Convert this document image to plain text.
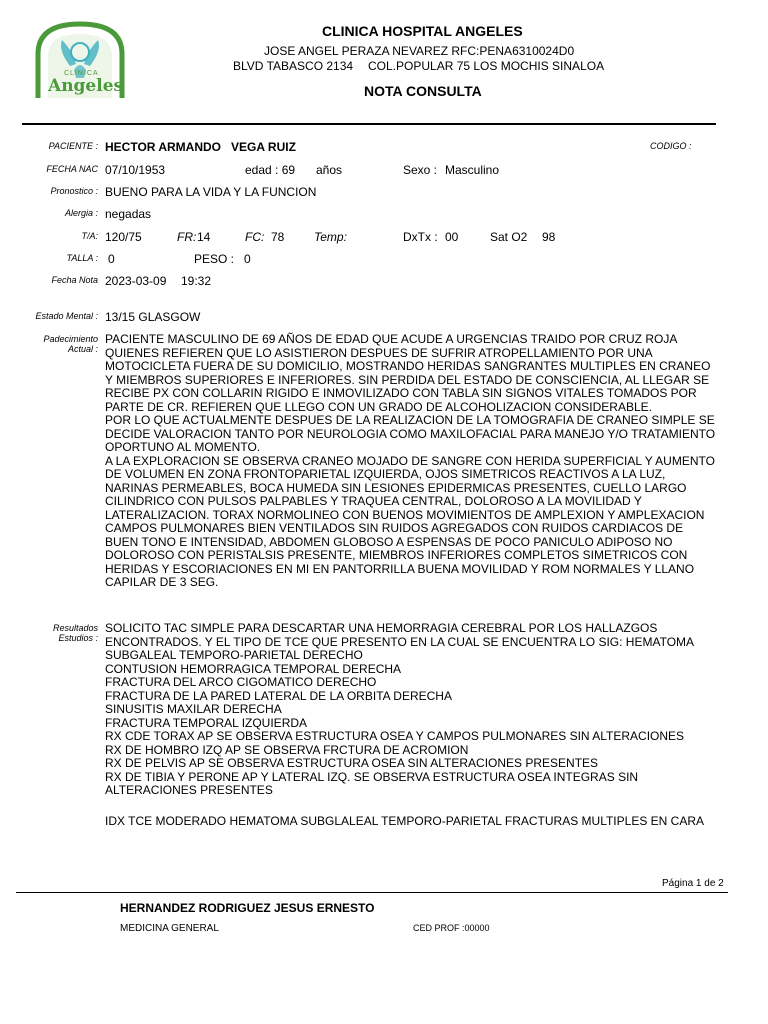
CLINICA
Angeles
CLINICA HOSPITAL ANGELES
JOSE ANGEL PERAZA NEVAREZ RFC:PENA6310024D0
BLVD TABASCO 2134 COL.POPULAR 75 LOS MOCHIS SINALOA
NOTA CONSULTA
PACIENTE : HECTOR ARMANDO   VEGA RUIZ	CODIGO :
FECHA NAC 07/10/1953	edad : 69 años	Sexo : Masculino
Pronostico : BUENO PARA LA VIDA Y LA FUNCION
Alergia : negadas
T/A: 120/75	FR: 14	FC: 78 Temp:	DxTx : 00	Sat O2 98
TALLA : 0	PESO : 0
Fecha Nota 2023-03-09 19:32
Estado Mental : 13/15 GLASGOW
Padecimiento
Actual :
PACIENTE MASCULINO DE 69 AÑOS DE EDAD QUE ACUDE A URGENCIAS TRAIDO POR CRUZ ROJA
QUIENES REFIEREN QUE LO ASISTIERON DESPUES DE SUFRIR ATROPELLAMIENTO POR UNA
MOTOCICLETA FUERA DE SU DOMICILIO, MOSTRANDO HERIDAS SANGRANTES MULTIPLES EN CRANEO
Y MIEMBROS SUPERIORES E INFERIORES. SIN PERDIDA DEL ESTADO DE CONSCIENCIA, AL LLEGAR SE
RECIBE PX CON COLLARIN RIGIDO E INMOVILIZADO CON TABLA SIN SIGNOS VITALES TOMADOS POR
PARTE DE CR. REFIEREN QUE LLEGO CON UN GRADO DE ALCOHOLIZACION CONSIDERABLE.
POR LO QUE ACTUALMENTE DESPUES DE LA REALIZACION DE LA TOMOGRAFIA DE CRANEO SIMPLE SE
DECIDE VALORACION TANTO POR NEUROLOGIA COMO MAXILOFACIAL PARA MANEJO Y/O TRATAMIENTO
OPORTUNO AL MOMENTO.
A LA EXPLORACION SE OBSERVA CRANEO MOJADO DE SANGRE CON HERIDA SUPERFICIAL Y AUMENTO
DE VOLUMEN EN ZONA FRONTOPARIETAL IZQUIERDA, OJOS SIMETRICOS REACTIVOS A LA LUZ,
NARINAS PERMEABLES, BOCA HUMEDA SIN LESIONES EPIDERMICAS PRESENTES, CUELLO LARGO
CILINDRICO CON PULSOS PALPABLES Y TRAQUEA CENTRAL, DOLOROSO A LA MOVILIDAD Y
LATERALIZACION. TORAX NORMOLINEO CON BUENOS MOVIMIENTOS DE AMPLEXION Y AMPLEXACION
CAMPOS PULMONARES BIEN VENTILADOS SIN RUIDOS AGREGADOS CON RUIDOS CARDIACOS DE
BUEN TONO E INTENSIDAD, ABDOMEN GLOBOSO A ESPENSAS DE POCO PANICULO ADIPOSO NO
DOLOROSO CON PERISTALSIS PRESENTE, MIEMBROS INFERIORES COMPLETOS SIMETRICOS CON
HERIDAS Y ESCORIACIONES EN MI EN PANTORRILLA BUENA MOVILIDAD Y ROM NORMALES Y LLANO
CAPILAR DE 3 SEG.
Resultados
Estudios :
SOLICITO TAC SIMPLE PARA DESCARTAR UNA HEMORRAGIA CEREBRAL POR LOS HALLAZGOS
ENCONTRADOS. Y EL TIPO DE TCE QUE PRESENTO EN LA CUAL SE ENCUENTRA LO SIG: HEMATOMA
SUBGALEAL TEMPORO-PARIETAL DERECHO
CONTUSION HEMORRAGICA TEMPORAL DERECHA
FRACTURA DEL ARCO CIGOMATICO DERECHO
FRACTURA DE LA PARED LATERAL DE LA ORBITA DERECHA
SINUSITIS MAXILAR DERECHA
FRACTURA TEMPORAL IZQUIERDA
RX CDE TORAX AP SE OBSERVA ESTRUCTURA OSEA Y CAMPOS PULMONARES SIN ALTERACIONES
RX DE HOMBRO IZQ AP SE OBSERVA FRCTURA DE ACROMION
RX DE PELVIS AP SE OBSERVA ESTRUCTURA OSEA SIN ALTERACIONES PRESENTES
RX DE TIBIA Y PERONE AP Y LATERAL IZQ. SE OBSERVA ESTRUCTURA OSEA INTEGRAS SIN
ALTERACIONES PRESENTES
IDX TCE MODERADO HEMATOMA SUBGLALEAL TEMPORO-PARIETAL FRACTURAS MULTIPLES EN CARA
Página 1 de 2
HERNANDEZ RODRIGUEZ JESUS ERNESTO
MEDICINA GENERAL	CED PROF :00000
